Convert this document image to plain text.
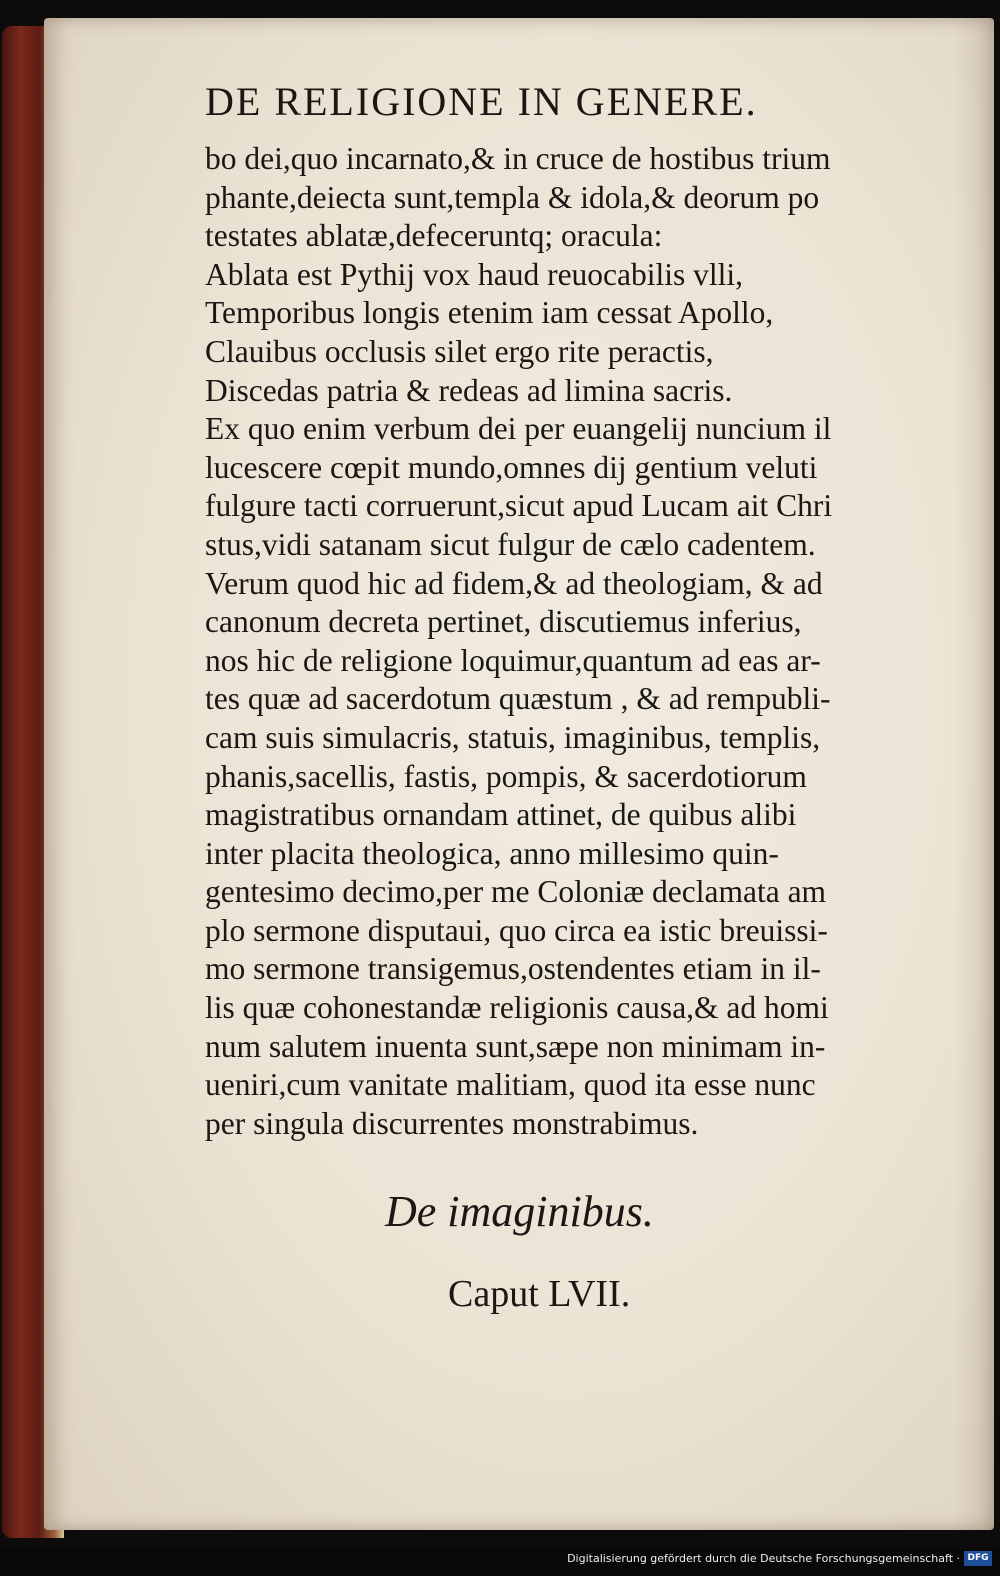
DE RELIGIONE IN GENERE.
bo dei,quo incarnato,& in cruce de hostibus trium
phante,deiecta sunt,templa & idola,& deorum po
testates ablatæ,defeceruntq; oracula:
Ablata est Pythij vox haud reuocabilis vlli,
Temporibus longis etenim iam cessat Apollo,
Clauibus occlusis silet ergo rite peractis,
Discedas patria & redeas ad limina sacris.
Ex quo enim verbum dei per euangelij nuncium il
lucescere cœpit mundo,omnes dij gentium veluti
fulgure tacti corruerunt,sicut apud Lucam ait Chri
stus,vidi satanam sicut fulgur de cælo cadentem.
Verum quod hic ad fidem,& ad theologiam, & ad
canonum decreta pertinet, discutiemus inferius,
nos hic de religione loquimur,quantum ad eas ar-
tes quæ ad sacerdotum quæstum , & ad rempubli-
cam suis simulacris, statuis, imaginibus, templis,
phanis,sacellis, fastis, pompis, & sacerdotiorum
magistratibus ornandam attinet, de quibus alibi
inter placita theologica, anno millesimo quin-
gentesimo decimo,per me Coloniæ declamata am
plo sermone disputaui, quo circa ea istic breuissi-
mo sermone transigemus,ostendentes etiam in il-
lis quæ cohonestandæ religionis causa,& ad homi
num salutem inuenta sunt,sæpe non minimam in-
ueniri,cum vanitate malitiam, quod ita esse nunc
per singula discurrentes monstrabimus.
De imaginibus.
Caput LVII.
Digitalisierung gefördert durch die Deutsche Forschungsgemeinschaft · DFG
